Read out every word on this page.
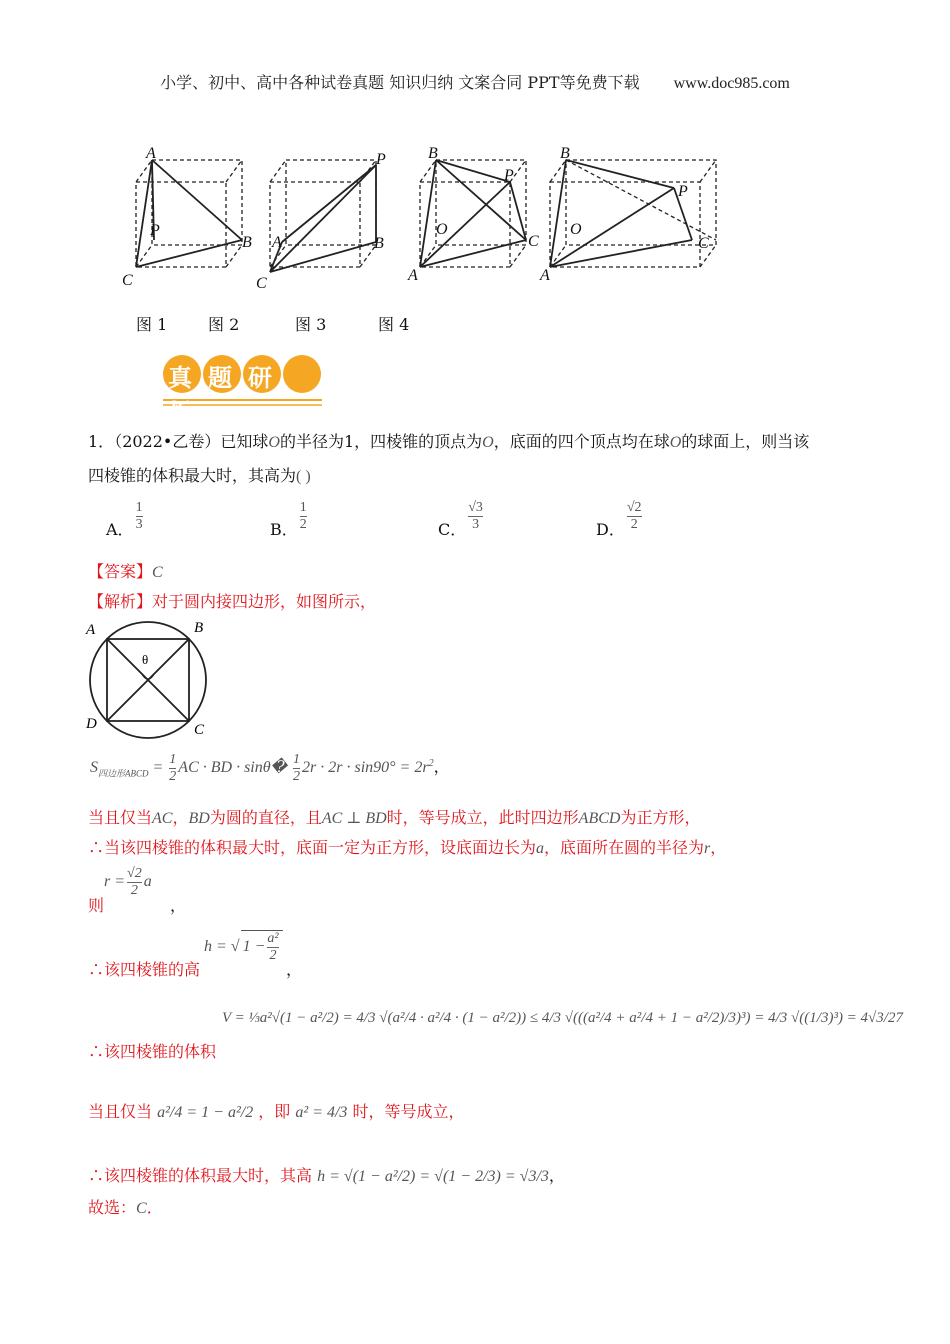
小学、初中、高中各种试卷真题 知识归纳 文案合同 PPT等免费下载 www.doc985.com
A
P
B
C
P
A	B
C
B
P
O
C
A
B
P
O
C
A
图 1	图 2	图 3	图 4
真题研析
1．（2022•乙卷）已知球O的半径为1，四棱锥的顶点为O，底面的四个顶点均在球O的球面上，则当该
四棱锥的体积最大时，其高为( )
A． $\frac{1}{3}$	B． $\frac{1}{2}$	C． $\frac{√3}{3}$	D． $\frac{√2}{2}$
【答案】C
【解析】对于圆内接四边形，如图所示，
A	B
C
D
θ
$S_{四边形ABCD} = \frac{1}{2}$ AC · BD · sinθ� $\frac{1}{2} 2r \cdot 2r \cdot \sin 90^\circ = 2r^2$，
当且仅当AC，BD为圆的直径，且AC ⊥ BD时，等号成立，此时四边形ABCD为正方形，
∴当该四棱锥的体积最大时，底面一定为正方形，设底面边长为a，底面所在圆的半径为r，
则
$r = \frac{√2}{2}$ a
，
∴该四棱锥的高
h = √ $1 - \frac{\text{a²}}{2}$
，
∴该四棱锥的体积
V = ⅓a²√(1 − a²/2) = 4/3 √(a²/4 · a²/4 · (1 − a²/2)) ≤ 4/3 √(((a²/4 + a²/4 + 1 − a²/2)/3)³) = 4/3 √((1/3)³) = 4√3/27
当且仅当 a²/4 = 1 − a²/2 ，即 a² = 4/3 时，等号成立，
∴该四棱锥的体积最大时，其高 h = √(1 − a²/2) = √(1 − 2/3) = √3/3，
故选：C．
